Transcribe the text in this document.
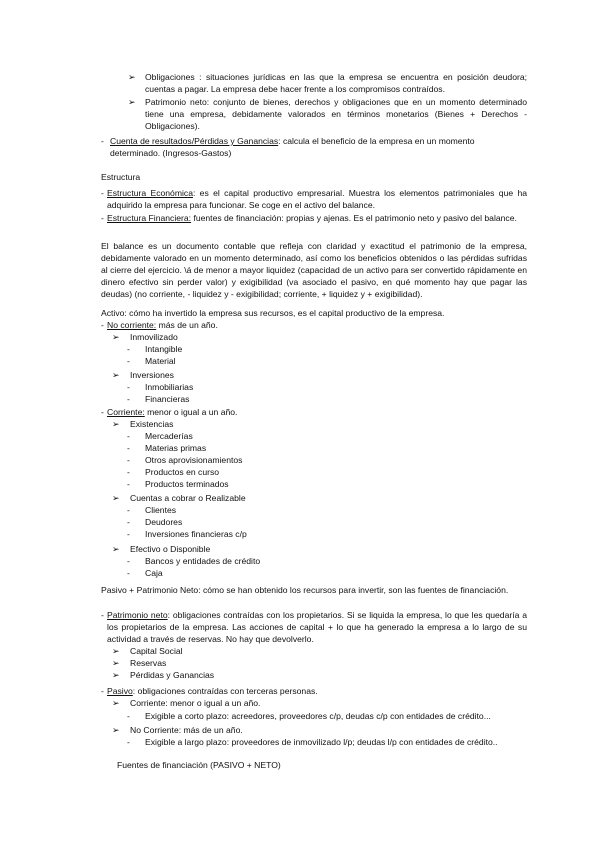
➢ Obligaciones : situaciones jurídicas en las que la empresa se encuentra en posición deudora; cuentas a pagar. La empresa debe hacer frente a los compromisos contraídos.

➢ Patrimonio neto: conjunto de bienes, derechos y obligaciones que en un momento determinado tiene una empresa, debidamente valorados en términos monetarios (Bienes + Derechos - Obligaciones).

- Cuenta de resultados/Pérdidas y Ganancias: calcula el beneficio de la empresa en un momento determinado. (Ingresos-Gastos)

Estructura

- Estructura Económica: es el capital productivo empresarial. Muestra los elementos patrimoniales que ha adquirido la empresa para funcionar. Se coge en el activo del balance.

- Estructura Financiera: fuentes de financiación: propias y ajenas. Es el patrimonio neto y pasivo del balance.

El balance es un documento contable que refleja con claridad y exactitud el patrimonio de la empresa, debidamente valorado en un momento determinado, así como los beneficios obtenidos o las pérdidas sufridas al cierre del ejercicio. \á de menor a mayor liquidez (capacidad de un activo para ser convertido rápidamente en dinero efectivo sin perder valor) y exigibilidad (va asociado el pasivo, en qué momento hay que pagar las deudas) (no corriente, - liquidez y - exigibilidad; corriente, + liquidez y + exigibilidad).

Activo: cómo ha invertido la empresa sus recursos, es el capital productivo de la empresa.

- No corriente: más de un año.

➢ Inmovilizado

- Intangible

- Material

➢ Inversiones

- Inmobiliarias

- Financieras

- Corriente: menor o igual a un año.

➢ Existencias

- Mercaderías

- Materias primas

- Otros aprovisionamientos

- Productos en curso

- Productos terminados

➢ Cuentas a cobrar o Realizable

- Clientes

- Deudores

- Inversiones financieras c/p

➢ Efectivo o Disponible

- Bancos y entidades de crédito

- Caja

Pasivo + Patrimonio Neto: cómo se han obtenido los recursos para invertir, son las fuentes de financiación.

- Patrimonio neto: obligaciones contraídas con los propietarios. Si se liquida la empresa, lo que les quedaría a los propietarios de la empresa. Las acciones de capital + lo que ha generado la empresa a lo largo de su actividad a través de reservas. No hay que devolverlo.

➢ Capital Social

➢ Reservas

➢ Pérdidas y Ganancias

- Pasivo: obligaciones contraídas con terceras personas.

➢ Corriente: menor o igual a un año.

- Exigible a corto plazo: acreedores, proveedores c/p, deudas c/p con entidades de crédito...

➢ No Corriente: más de un año.

- Exigible a largo plazo: proveedores de inmovilizado l/p; deudas l/p con entidades de crédito..

Fuentes de financiación (PASIVO + NETO)
